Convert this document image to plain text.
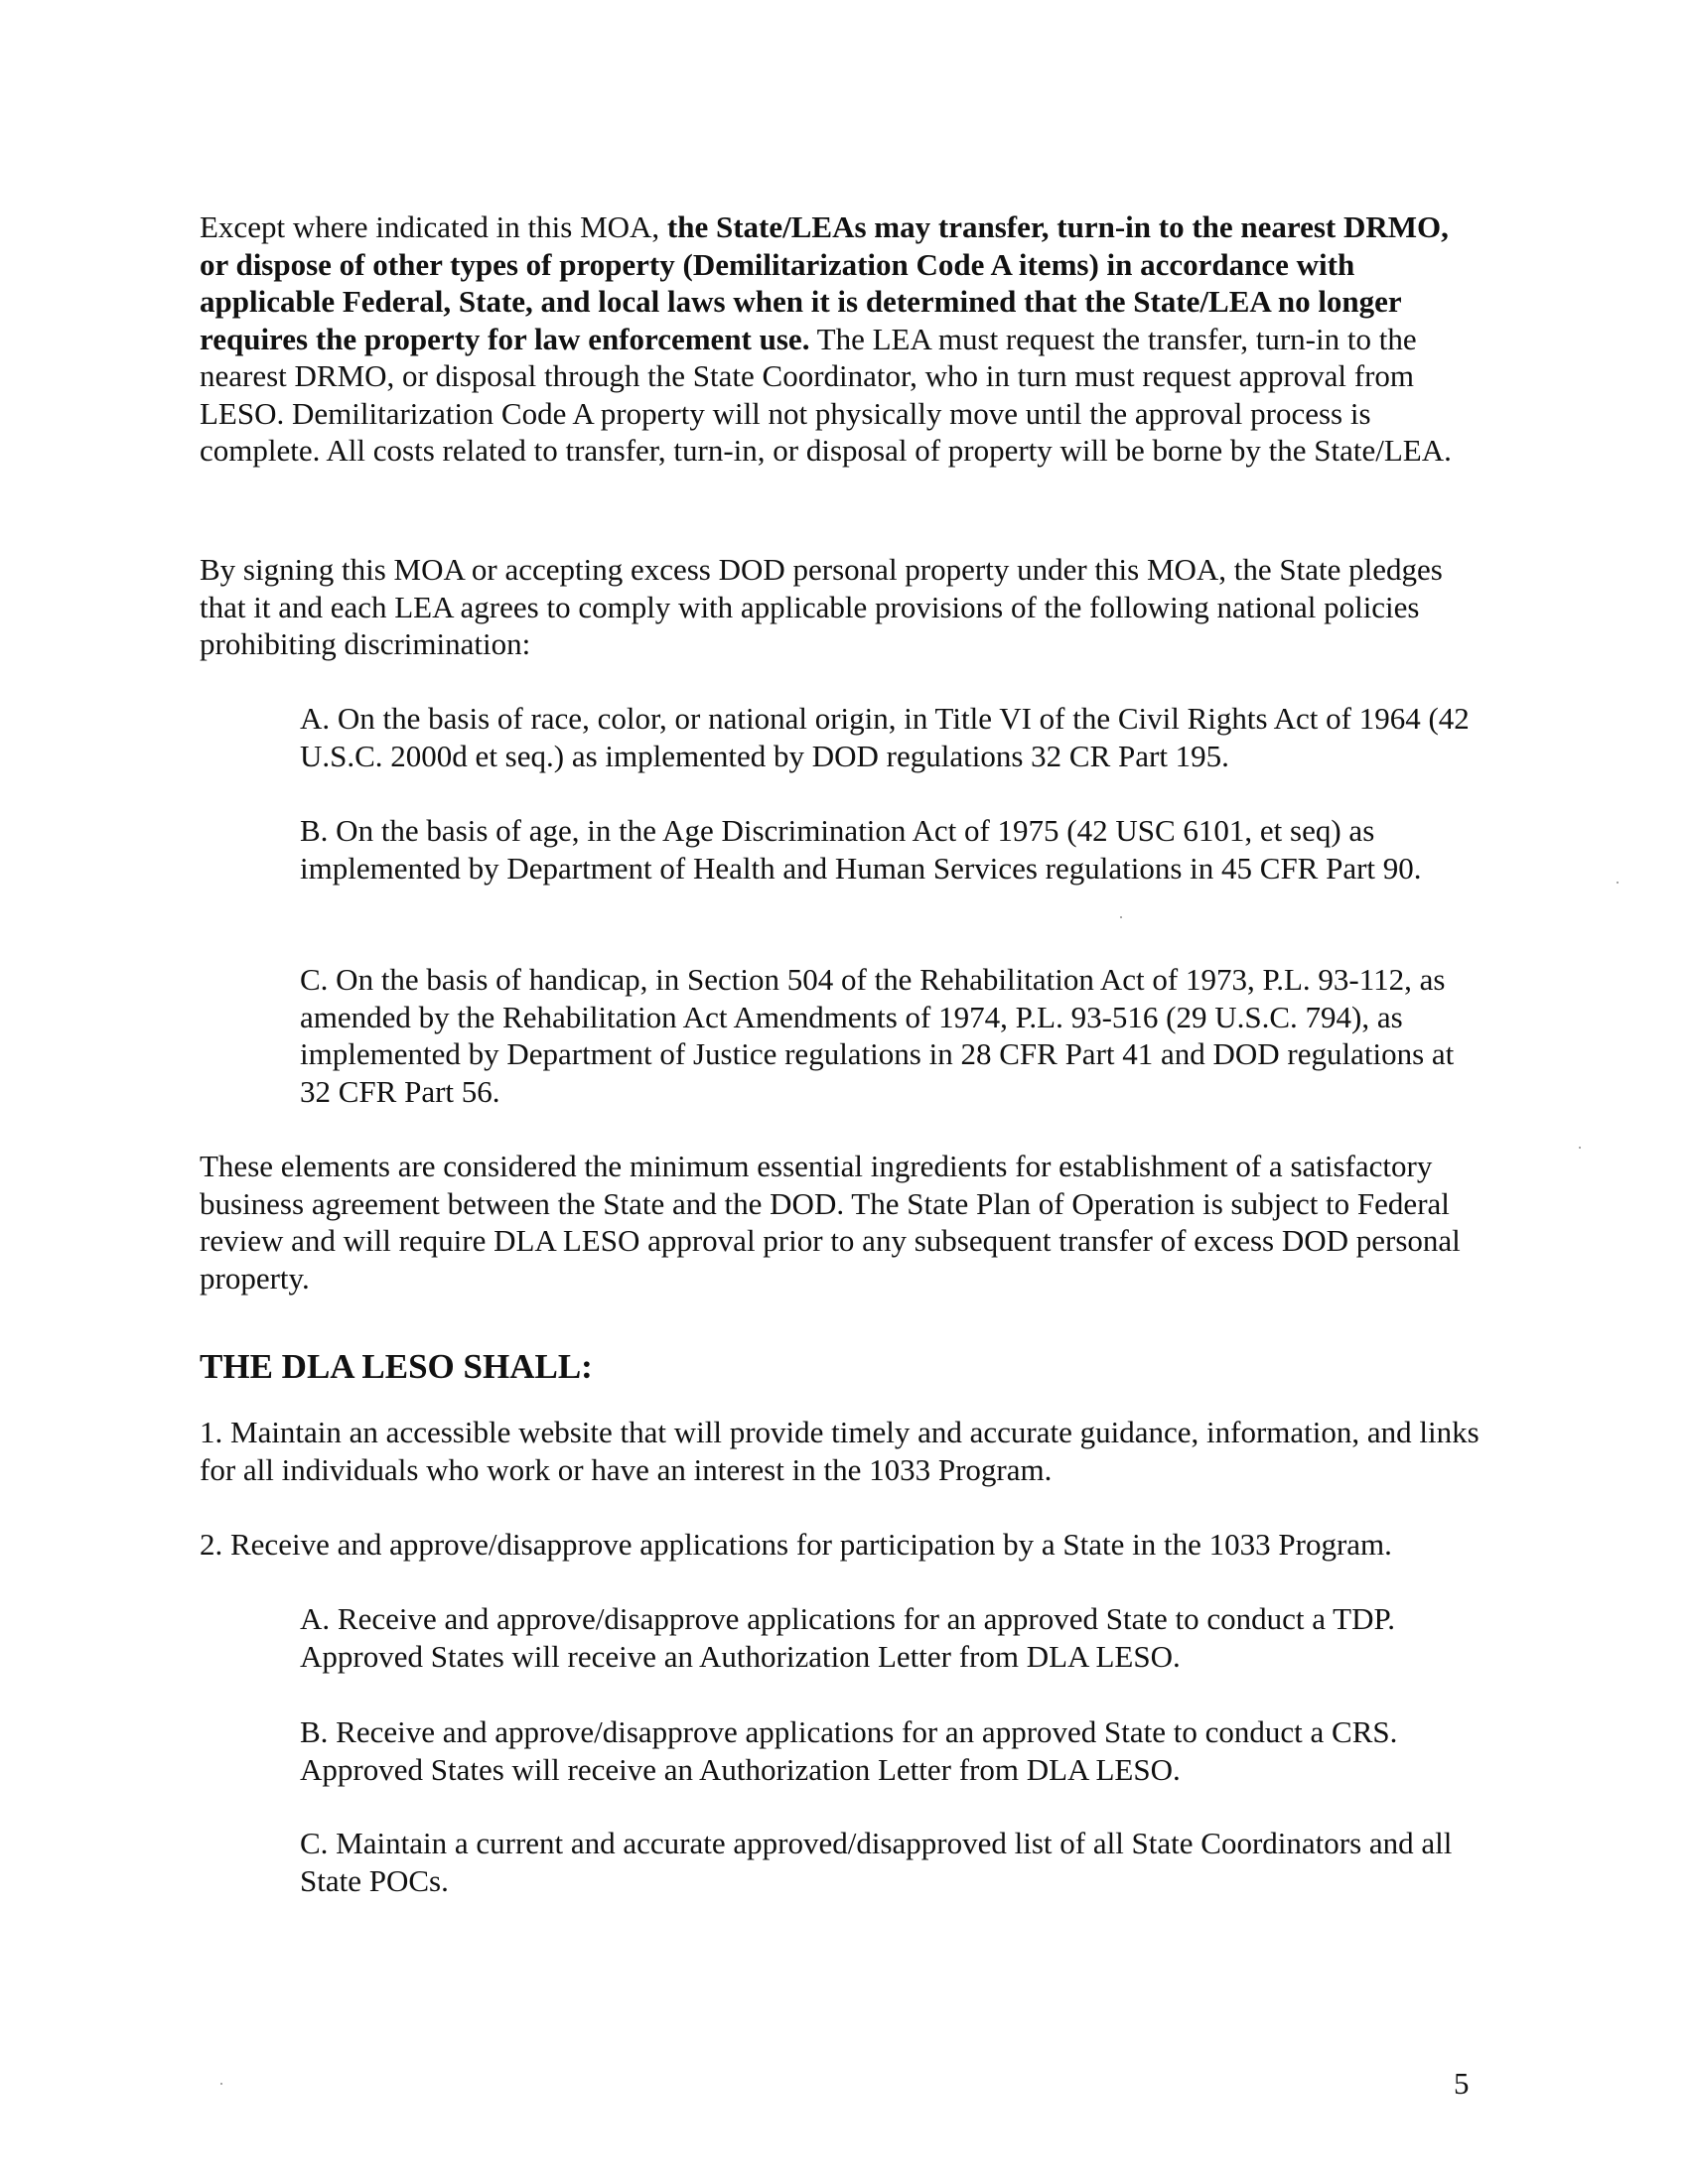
Except where indicated in this MOA, the State/LEAs may transfer, turn-in to the nearest DRMO, or dispose of other types of property (Demilitarization Code A items) in accordance with applicable Federal, State, and local laws when it is determined that the State/LEA no longer requires the property for law enforcement use. The LEA must request the transfer, turn-in to the nearest DRMO, or disposal through the State Coordinator, who in turn must request approval from LESO. Demilitarization Code A property will not physically move until the approval process is complete. All costs related to transfer, turn-in, or disposal of property will be borne by the State/LEA.

By signing this MOA or accepting excess DOD personal property under this MOA, the State pledges that it and each LEA agrees to comply with applicable provisions of the following national policies prohibiting discrimination:

A. On the basis of race, color, or national origin, in Title VI of the Civil Rights Act of 1964 (42 U.S.C. 2000d et seq.) as implemented by DOD regulations 32 CR Part 195.

B. On the basis of age, in the Age Discrimination Act of 1975 (42 USC 6101, et seq) as implemented by Department of Health and Human Services regulations in 45 CFR Part 90.

C. On the basis of handicap, in Section 504 of the Rehabilitation Act of 1973, P.L. 93-112, as amended by the Rehabilitation Act Amendments of 1974, P.L. 93-516 (29 U.S.C. 794), as implemented by Department of Justice regulations in 28 CFR Part 41 and DOD regulations at 32 CFR Part 56.

These elements are considered the minimum essential ingredients for establishment of a satisfactory business agreement between the State and the DOD. The State Plan of Operation is subject to Federal review and will require DLA LESO approval prior to any subsequent transfer of excess DOD personal property.

THE DLA LESO SHALL:

1. Maintain an accessible website that will provide timely and accurate guidance, information, and links for all individuals who work or have an interest in the 1033 Program.

2. Receive and approve/disapprove applications for participation by a State in the 1033 Program.

A. Receive and approve/disapprove applications for an approved State to conduct a TDP. Approved States will receive an Authorization Letter from DLA LESO.

B. Receive and approve/disapprove applications for an approved State to conduct a CRS. Approved States will receive an Authorization Letter from DLA LESO.

C. Maintain a current and accurate approved/disapproved list of all State Coordinators and all State POCs.

5
